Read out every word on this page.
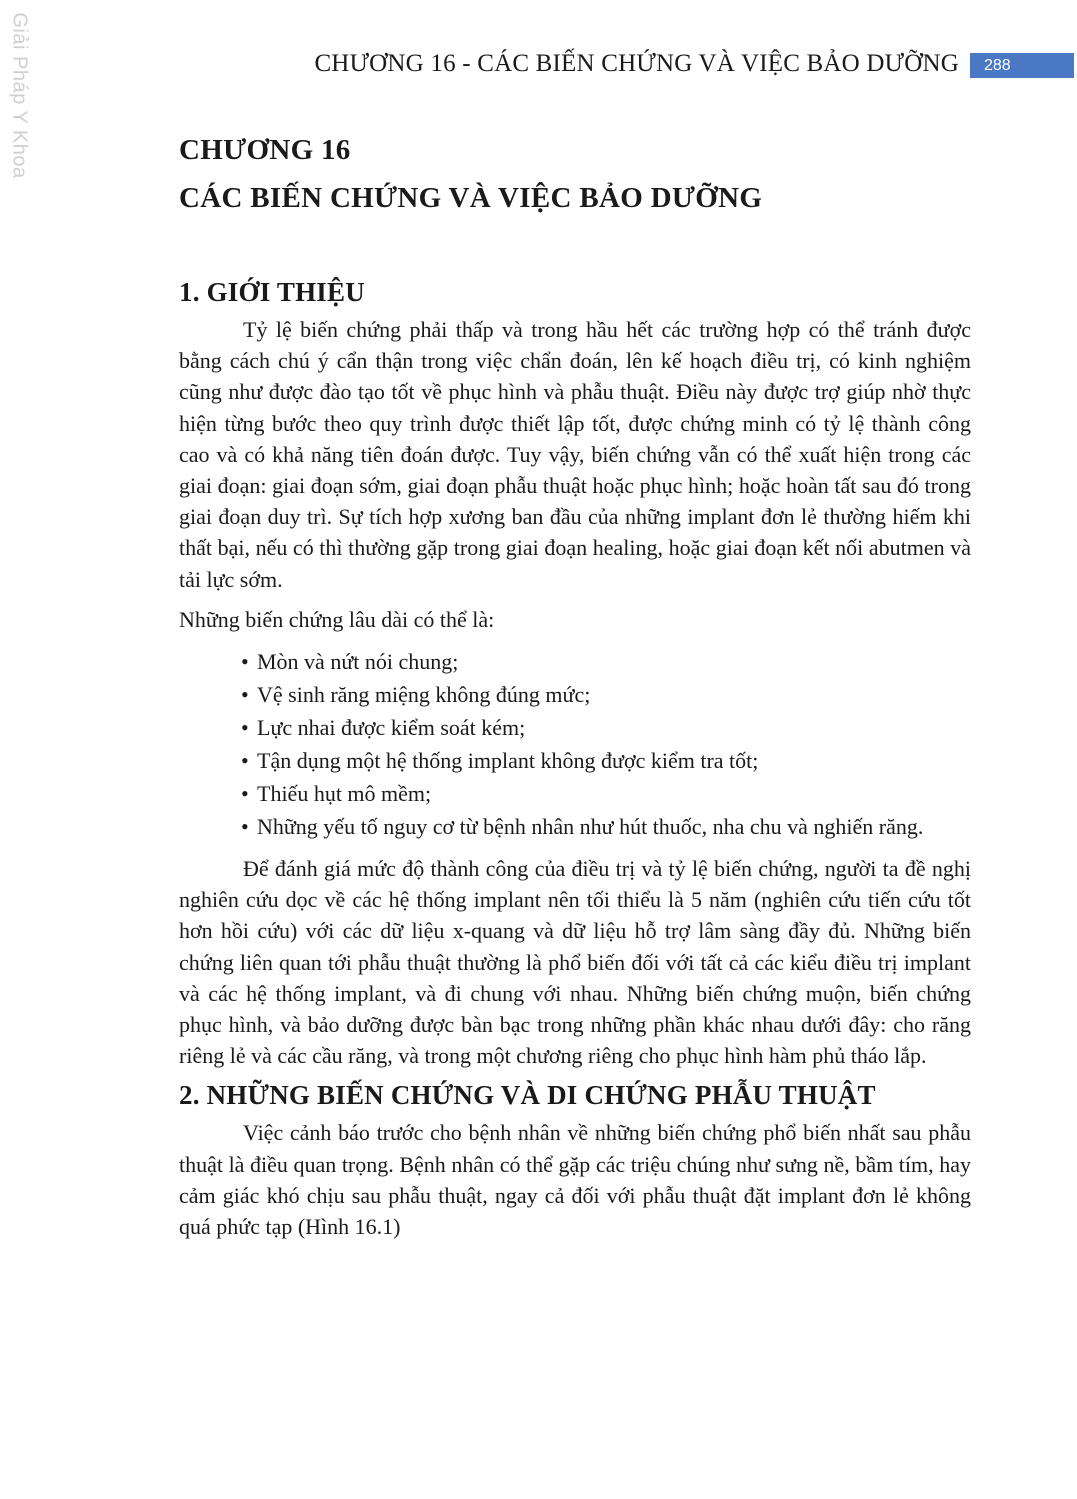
Giải Pháp Y Khoa	CHƯƠNG 16 - CÁC BIẾN CHỨNG VÀ VIỆC BẢO DƯỠNG	288
CHƯƠNG 16
CÁC BIẾN CHỨNG VÀ VIỆC BẢO DƯỠNG
1. GIỚI THIỆU

Tỷ lệ biến chứng phải thấp và trong hầu hết các trường hợp có thể tránh được bằng cách chú ý cẩn thận trong việc chẩn đoán, lên kế hoạch điều trị, có kinh nghiệm cũng như được đào tạo tốt về phục hình và phẫu thuật. Điều này được trợ giúp nhờ thực hiện từng bước theo quy trình được thiết lập tốt, được chứng minh có tỷ lệ thành công cao và có khả năng tiên đoán được. Tuy vậy, biến chứng vẫn có thể xuất hiện trong các giai đoạn: giai đoạn sớm, giai đoạn phẫu thuật hoặc phục hình; hoặc hoàn tất sau đó trong giai đoạn duy trì. Sự tích hợp xương ban đầu của những implant đơn lẻ thường hiếm khi thất bại, nếu có thì thường gặp trong giai đoạn healing, hoặc giai đoạn kết nối abutmen và tải lực sớm.

Những biến chứng lâu dài có thể là:

• Mòn và nứt nói chung;
• Vệ sinh răng miệng không đúng mức;
• Lực nhai được kiểm soát kém;
• Tận dụng một hệ thống implant không được kiểm tra tốt;
• Thiếu hụt mô mềm;
• Những yếu tố nguy cơ từ bệnh nhân như hút thuốc, nha chu và nghiến răng.

Để đánh giá mức độ thành công của điều trị và tỷ lệ biến chứng, người ta đề nghị nghiên cứu dọc về các hệ thống implant nên tối thiểu là 5 năm (nghiên cứu tiến cứu tốt hơn hồi cứu) với các dữ liệu x-quang và dữ liệu hỗ trợ lâm sàng đầy đủ. Những biến chứng liên quan tới phẫu thuật thường là phổ biến đối với tất cả các kiểu điều trị implant và các hệ thống implant, và đi chung với nhau. Những biến chứng muộn, biến chứng phục hình, và bảo dưỡng được bàn bạc trong những phần khác nhau dưới đây: cho răng riêng lẻ và các cầu răng, và trong một chương riêng cho phục hình hàm phủ tháo lắp.

2. NHỮNG BIẾN CHỨNG VÀ DI CHỨNG PHẪU THUẬT

Việc cảnh báo trước cho bệnh nhân về những biến chứng phổ biến nhất sau phẫu thuật là điều quan trọng. Bệnh nhân có thể gặp các triệu chúng như sưng nề, bầm tím, hay cảm giác khó chịu sau phẫu thuật, ngay cả đối với phẫu thuật đặt implant đơn lẻ không quá phức tạp (Hình 16.1)
